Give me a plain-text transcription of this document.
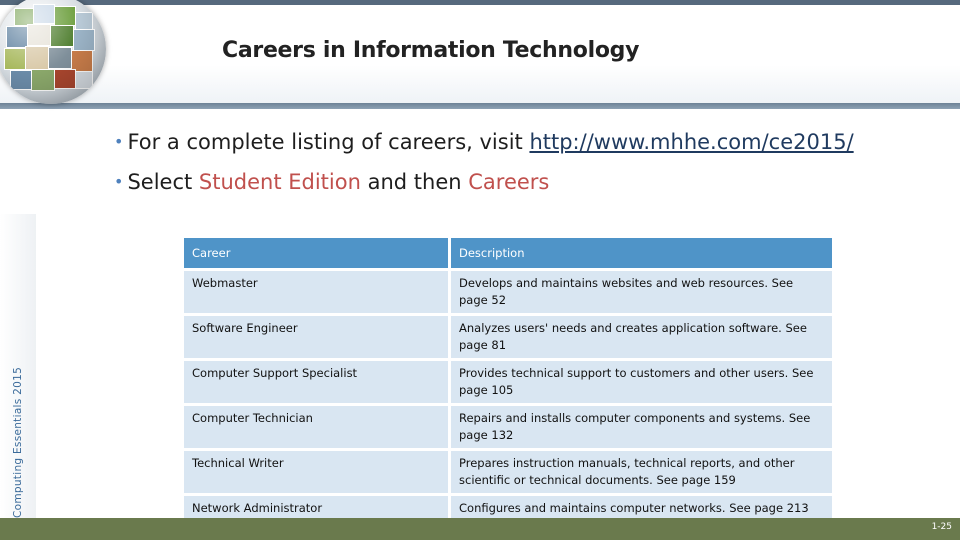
Careers in Information Technology
Computing Essentials 2015
• For a complete listing of careers, visit http://www.mhhe.com/ce2015/
• Select Student Edition and then Careers
Career	Description
Webmaster	Develops and maintains websites and web resources. See page 52
Software Engineer	Analyzes users' needs and creates application software. See page 81
Computer Support Specialist	Provides technical support to customers and other users. See page 105
Computer Technician	Repairs and installs computer components and systems. See page 132
Technical Writer	Prepares instruction manuals, technical reports, and other scientific or technical documents. See page 159
Network Administrator	Configures and maintains computer networks. See page 213
1-25
